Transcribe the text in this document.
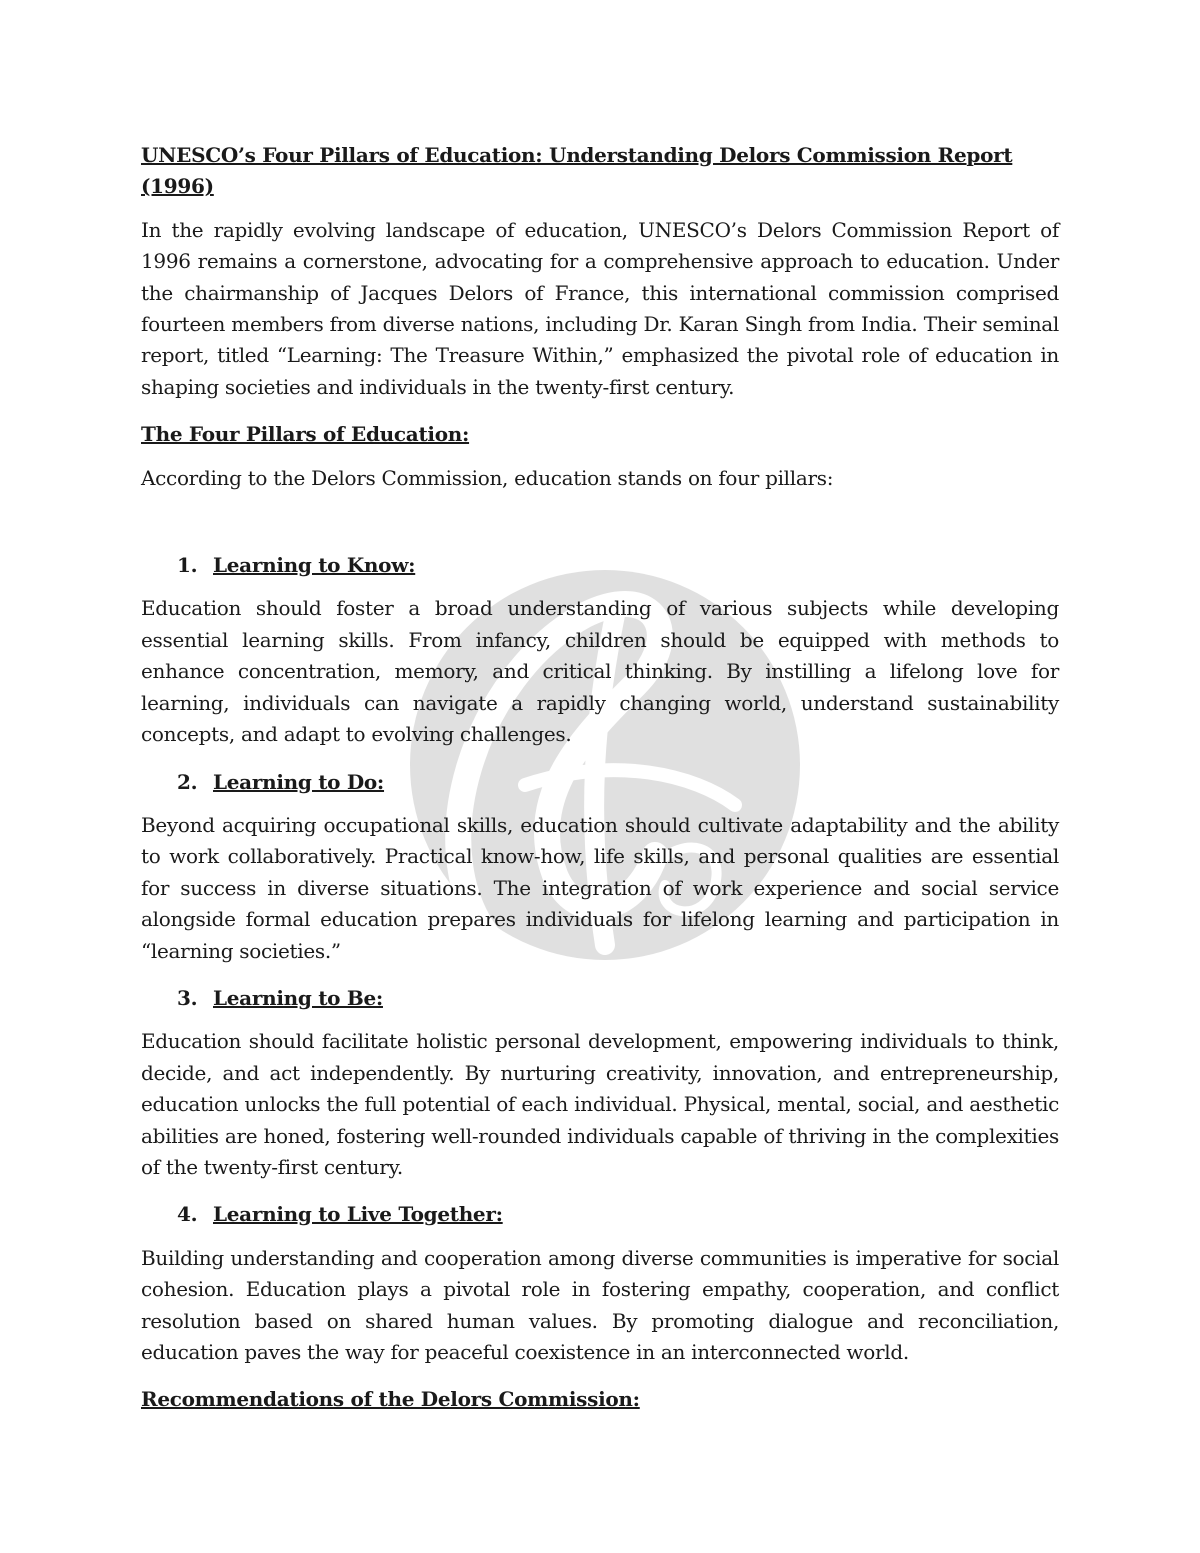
UNESCO’s Four Pillars of Education: Understanding Delors Commission Report (1996)

In the rapidly evolving landscape of education, UNESCO’s Delors Commission Report of 1996 remains a cornerstone, advocating for a comprehensive approach to education. Under the chairmanship of Jacques Delors of France, this international commission comprised fourteen members from diverse nations, including Dr. Karan Singh from India. Their seminal report, titled “Learning: The Treasure Within,” emphasized the pivotal role of education in shaping societies and individuals in the twenty-first century.

The Four Pillars of Education:

According to the Delors Commission, education stands on four pillars:

1. Learning to Know:

Education should foster a broad understanding of various subjects while developing essential learning skills. From infancy, children should be equipped with methods to enhance concentration, memory, and critical thinking. By instilling a lifelong love for learning, individuals can navigate a rapidly changing world, understand sustainability concepts, and adapt to evolving challenges.

2. Learning to Do:

Beyond acquiring occupational skills, education should cultivate adaptability and the ability to work collaboratively. Practical know-how, life skills, and personal qualities are essential for success in diverse situations. The integration of work experience and social service alongside formal education prepares individuals for lifelong learning and participation in “learning societies.”

3. Learning to Be:

Education should facilitate holistic personal development, empowering individuals to think, decide, and act independently. By nurturing creativity, innovation, and entrepreneurship, education unlocks the full potential of each individual. Physical, mental, social, and aesthetic abilities are honed, fostering well-rounded individuals capable of thriving in the complexities of the twenty-first century.

4. Learning to Live Together:

Building understanding and cooperation among diverse communities is imperative for social cohesion. Education plays a pivotal role in fostering empathy, cooperation, and conflict resolution based on shared human values. By promoting dialogue and reconciliation, education paves the way for peaceful coexistence in an interconnected world.

Recommendations of the Delors Commission:
